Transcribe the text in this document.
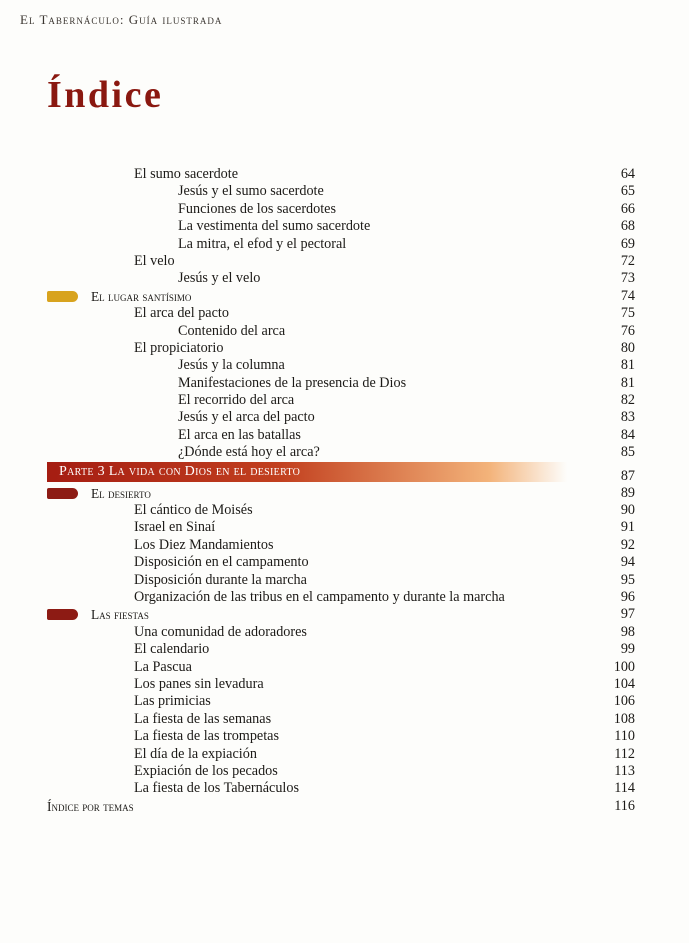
El Tabernáculo: Guía ilustrada
Índice
El sumo sacerdote	64
Jesús y el sumo sacerdote	65
Funciones de los sacerdotes	66
La vestimenta del sumo sacerdote	68
La mitra, el efod y el pectoral	69
El velo	72
Jesús y el velo	73
El lugar santísimo	74
El arca del pacto	75
Contenido del arca	76
El propiciatorio	80
Jesús y la columna	81
Manifestaciones de la presencia de Dios	81
El recorrido del arca	82
Jesús y el arca del pacto	83
El arca en las batallas	84
¿Dónde está hoy el arca?	85
Parte 3 La vida con Dios en el desierto	87
El desierto	89
El cántico de Moisés	90
Israel en Sinaí	91
Los Diez Mandamientos	92
Disposición en el campamento	94
Disposición durante la marcha	95
Organización de las tribus en el campamento y durante la marcha	96
Las fiestas	97
Una comunidad de adoradores	98
El calendario	99
La Pascua	100
Los panes sin levadura	104
Las primicias	106
La fiesta de las semanas	108
La fiesta de las trompetas	110
El día de la expiación	112
Expiación de los pecados	113
La fiesta de los Tabernáculos	114
Índice por temas	116
